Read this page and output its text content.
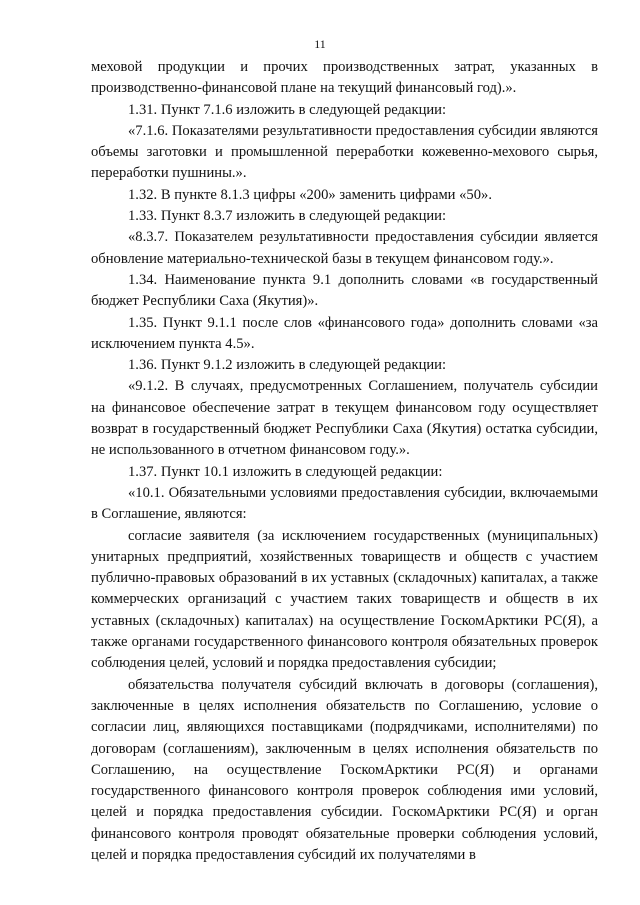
11

меховой продукции и прочих производственных затрат, указанных в производственно-финансовой плане на текущий финансовый год).».

1.31. Пункт 7.1.6 изложить в следующей редакции:

«7.1.6. Показателями результативности предоставления субсидии являются объемы заготовки и промышленной переработки кожевенно-мехового сырья, переработки пушнины.».

1.32. В пункте 8.1.3 цифры «200» заменить цифрами «50».

1.33. Пункт 8.3.7 изложить в следующей редакции:

«8.3.7. Показателем результативности предоставления субсидии является обновление материально-технической базы в текущем финансовом году.».

1.34. Наименование пункта 9.1 дополнить словами «в государственный бюджет Республики Саха (Якутия)».

1.35. Пункт 9.1.1 после слов «финансового года» дополнить словами «за исключением пункта 4.5».

1.36. Пункт 9.1.2 изложить в следующей редакции:

«9.1.2. В случаях, предусмотренных Соглашением, получатель субсидии на финансовое обеспечение затрат в текущем финансовом году осуществляет возврат в государственный бюджет Республики Саха (Якутия) остатка субсидии, не использованного в отчетном финансовом году.».

1.37. Пункт 10.1 изложить в следующей редакции:

«10.1. Обязательными условиями предоставления субсидии, включаемыми в Соглашение, являются:

согласие заявителя (за исключением государственных (муниципальных) унитарных предприятий, хозяйственных товариществ и обществ с участием публично-правовых образований в их уставных (складочных) капиталах, а также коммерческих организаций с участием таких товариществ и обществ в их уставных (складочных) капиталах) на осуществление ГоскомАрктики РС(Я), а также органами государственного финансового контроля обязательных проверок соблюдения целей, условий и порядка предоставления субсидии;

обязательства получателя субсидий включать в договоры (соглашения), заключенные в целях исполнения обязательств по Соглашению, условие о согласии лиц, являющихся поставщиками (подрядчиками, исполнителями) по договорам (соглашениям), заключенным в целях исполнения обязательств по Соглашению, на осуществление ГоскомАрктики РС(Я) и органами государственного финансового контроля проверок соблюдения ими условий, целей и порядка предоставления субсидии. ГоскомАрктики РС(Я) и орган финансового контроля проводят обязательные проверки соблюдения условий, целей и порядка предоставления субсидий их получателями в
